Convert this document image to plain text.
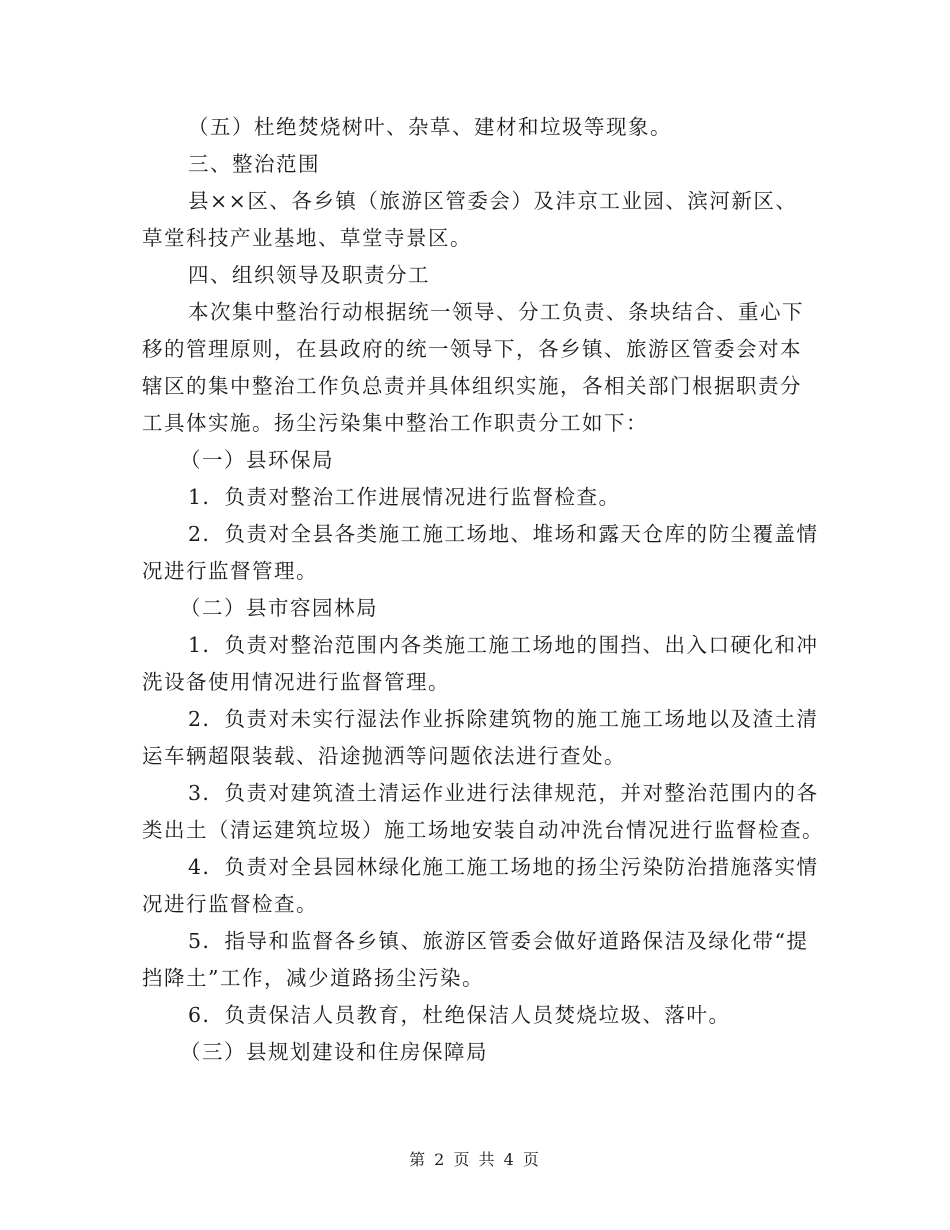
（五）杜绝焚烧树叶、杂草、建材和垃圾等现象。
三、整治范围
县××区、各乡镇（旅游区管委会）及沣京工业园、滨河新区、
草堂科技产业基地、草堂寺景区。
四、组织领导及职责分工
本次集中整治行动根据统一领导、分工负责、条块结合、重心下
移的管理原则，在县政府的统一领导下，各乡镇、旅游区管委会对本
辖区的集中整治工作负总责并具体组织实施，各相关部门根据职责分
工具体实施。扬尘污染集中整治工作职责分工如下：
（一）县环保局
1．负责对整治工作进展情况进行监督检查。
2．负责对全县各类施工施工场地、堆场和露天仓库的防尘覆盖情
况进行监督管理。
（二）县市容园林局
1．负责对整治范围内各类施工施工场地的围挡、出入口硬化和冲
洗设备使用情况进行监督管理。
2．负责对未实行湿法作业拆除建筑物的施工施工场地以及渣土清
运车辆超限装载、沿途抛洒等问题依法进行查处。
3．负责对建筑渣土清运作业进行法律规范，并对整治范围内的各
类出土（清运建筑垃圾）施工场地安装自动冲洗台情况进行监督检查。
4．负责对全县园林绿化施工施工场地的扬尘污染防治措施落实情
况进行监督检查。
5．指导和监督各乡镇、旅游区管委会做好道路保洁及绿化带“提
挡降土”工作，减少道路扬尘污染。
6．负责保洁人员教育，杜绝保洁人员焚烧垃圾、落叶。
（三）县规划建设和住房保障局
第 2 页 共 4 页
